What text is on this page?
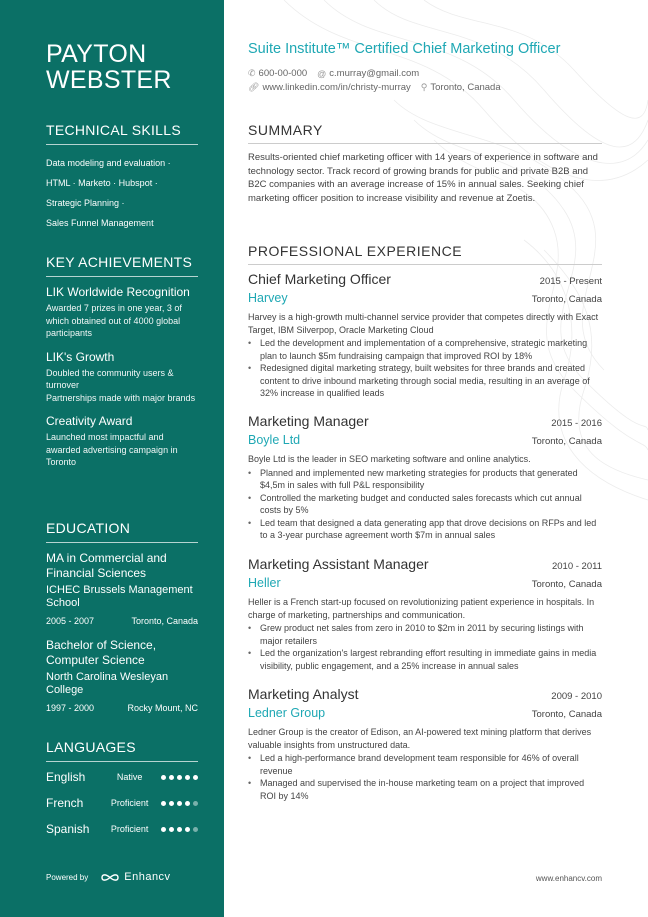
PAYTON
WEBSTER
TECHNICAL SKILLS
Data modeling and evaluation ·
HTML · Marketo · Hubspot ·
Strategic Planning ·
Sales Funnel Management
KEY ACHIEVEMENTS
LIK Worldwide Recognition
Awarded 7 prizes in one year, 3 of which obtained out of 4000 global participants
LIK's Growth
Doubled the community users & turnover
Partnerships made with major brands
Creativity Award
Launched most impactful and awarded advertising campaign in Toronto
EDUCATION
MA in Commercial and Financial Sciences
ICHEC Brussels Management School
2005 - 2007	Toronto, Canada
Bachelor of Science, Computer Science
North Carolina Wesleyan College
1997 - 2000	Rocky Mount, NC
LANGUAGES
English	Native
French	Proficient
Spanish	Proficient
Powered by	Enhancv
Suite Institute™ Certified Chief Marketing Officer
✆ 600-00-000 @ c.murray@gmail.com
🔗︎ www.linkedin.com/in/christy-murray ⚲ Toronto, Canada
SUMMARY

Results-oriented chief marketing officer with 14 years of experience in software and technology sector. Track record of growing brands for public and private B2B and B2C companies with an average increase of 15% in annual sales. Seeking chief marketing officer position to increase visibility and revenue at Zoetis.

PROFESSIONAL EXPERIENCE
Chief Marketing Officer	2015 - Present
Harvey	Toronto, Canada
Harvey is a high-growth multi-channel service provider that competes directly with Exact Target, IBM Silverpop, Oracle Marketing Cloud
• Led the development and implementation of a comprehensive, strategic marketing plan to launch $5m fundraising campaign that improved ROI by 18%
• Redesigned digital marketing strategy, built websites for three brands and created content to drive inbound marketing through social media, resulting in an average of 32% increase in qualified leads
Marketing Manager	2015 - 2016
Boyle Ltd	Toronto, Canada
Boyle Ltd is the leader in SEO marketing software and online analytics.
• Planned and implemented new marketing strategies for products that generated $4,5m in sales with full P&L responsibility
• Controlled the marketing budget and conducted sales forecasts which cut annual costs by 5%
• Led team that designed a data generating app that drove decisions on RFPs and led to a 3-year purchase agreement worth $7m in annual sales
Marketing Assistant Manager	2010 - 2011
Heller	Toronto, Canada
Heller is a French start-up focused on revolutionizing patient experience in hospitals. In charge of marketing, partnerships and communication.
• Grew product net sales from zero in 2010 to $2m in 2011 by securing listings with major retailers
• Led the organization's largest rebranding effort resulting in immediate gains in media visibility, public engagement, and a 25% increase in annual sales
Marketing Analyst	2009 - 2010
Ledner Group	Toronto, Canada
Ledner Group is the creator of Edison, an AI-powered text mining platform that derives valuable insights from unstructured data.
• Led a high-performance brand development team responsible for 46% of overall revenue
• Managed and supervised the in-house marketing team on a project that improved ROI by 14%
www.enhancv.com
